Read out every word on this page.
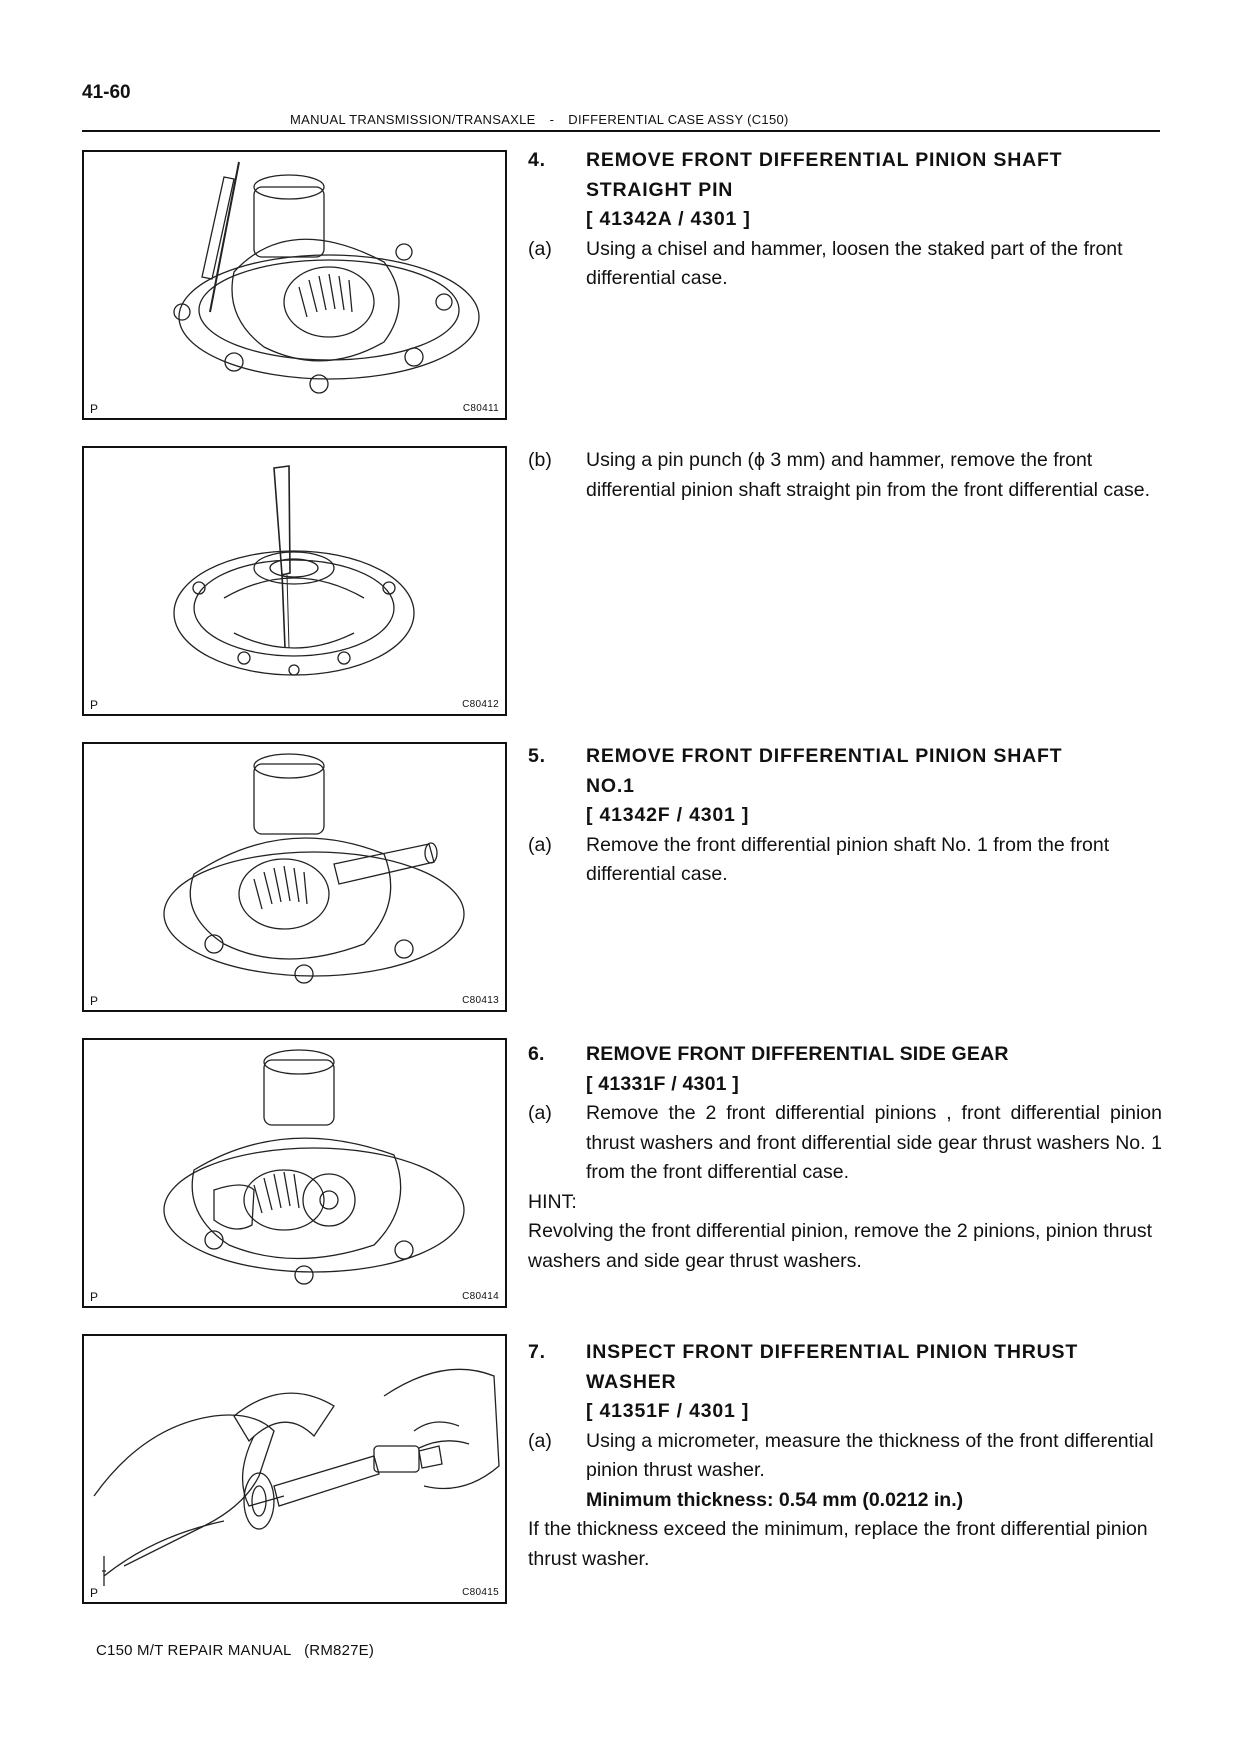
41-60
MANUAL TRANSMISSION/TRANSAXLE - DIFFERENTIAL CASE ASSY (C150)
P	C80411
P	C80412
P	C80413
P	C80414
P	C80415
4.	REMOVE FRONT DIFFERENTIAL PINION SHAFT
STRAIGHT PIN
[ 41342A / 4301 ]
(a)	Using a chisel and hammer, loosen the staked part of the front differential case.
(b)	Using a pin punch (ϕ 3 mm) and hammer, remove the front differential pinion shaft straight pin from the front differential case.
5.	REMOVE FRONT DIFFERENTIAL PINION SHAFT
NO.1
[ 41342F / 4301 ]
(a)	Remove the front differential pinion shaft No. 1 from the front differential case.
6.	REMOVE FRONT DIFFERENTIAL SIDE GEAR
[ 41331F / 4301 ]
(a)	Remove the 2 front differential pinions , front differential pinion thrust washers and front differential side gear thrust washers No. 1 from the front differential case.
HINT:
Revolving the front differential pinion, remove the 2 pinions, pinion thrust washers and side gear thrust washers.
7.	INSPECT FRONT DIFFERENTIAL PINION THRUST
WASHER
[ 41351F / 4301 ]
(a)	Using a micrometer, measure the thickness of the front differential pinion thrust washer.
Minimum thickness: 0.54 mm (0.0212 in.)
If the thickness exceed the minimum, replace the front differential pinion thrust washer.
C150 M/T REPAIR MANUAL   (RM827E)
